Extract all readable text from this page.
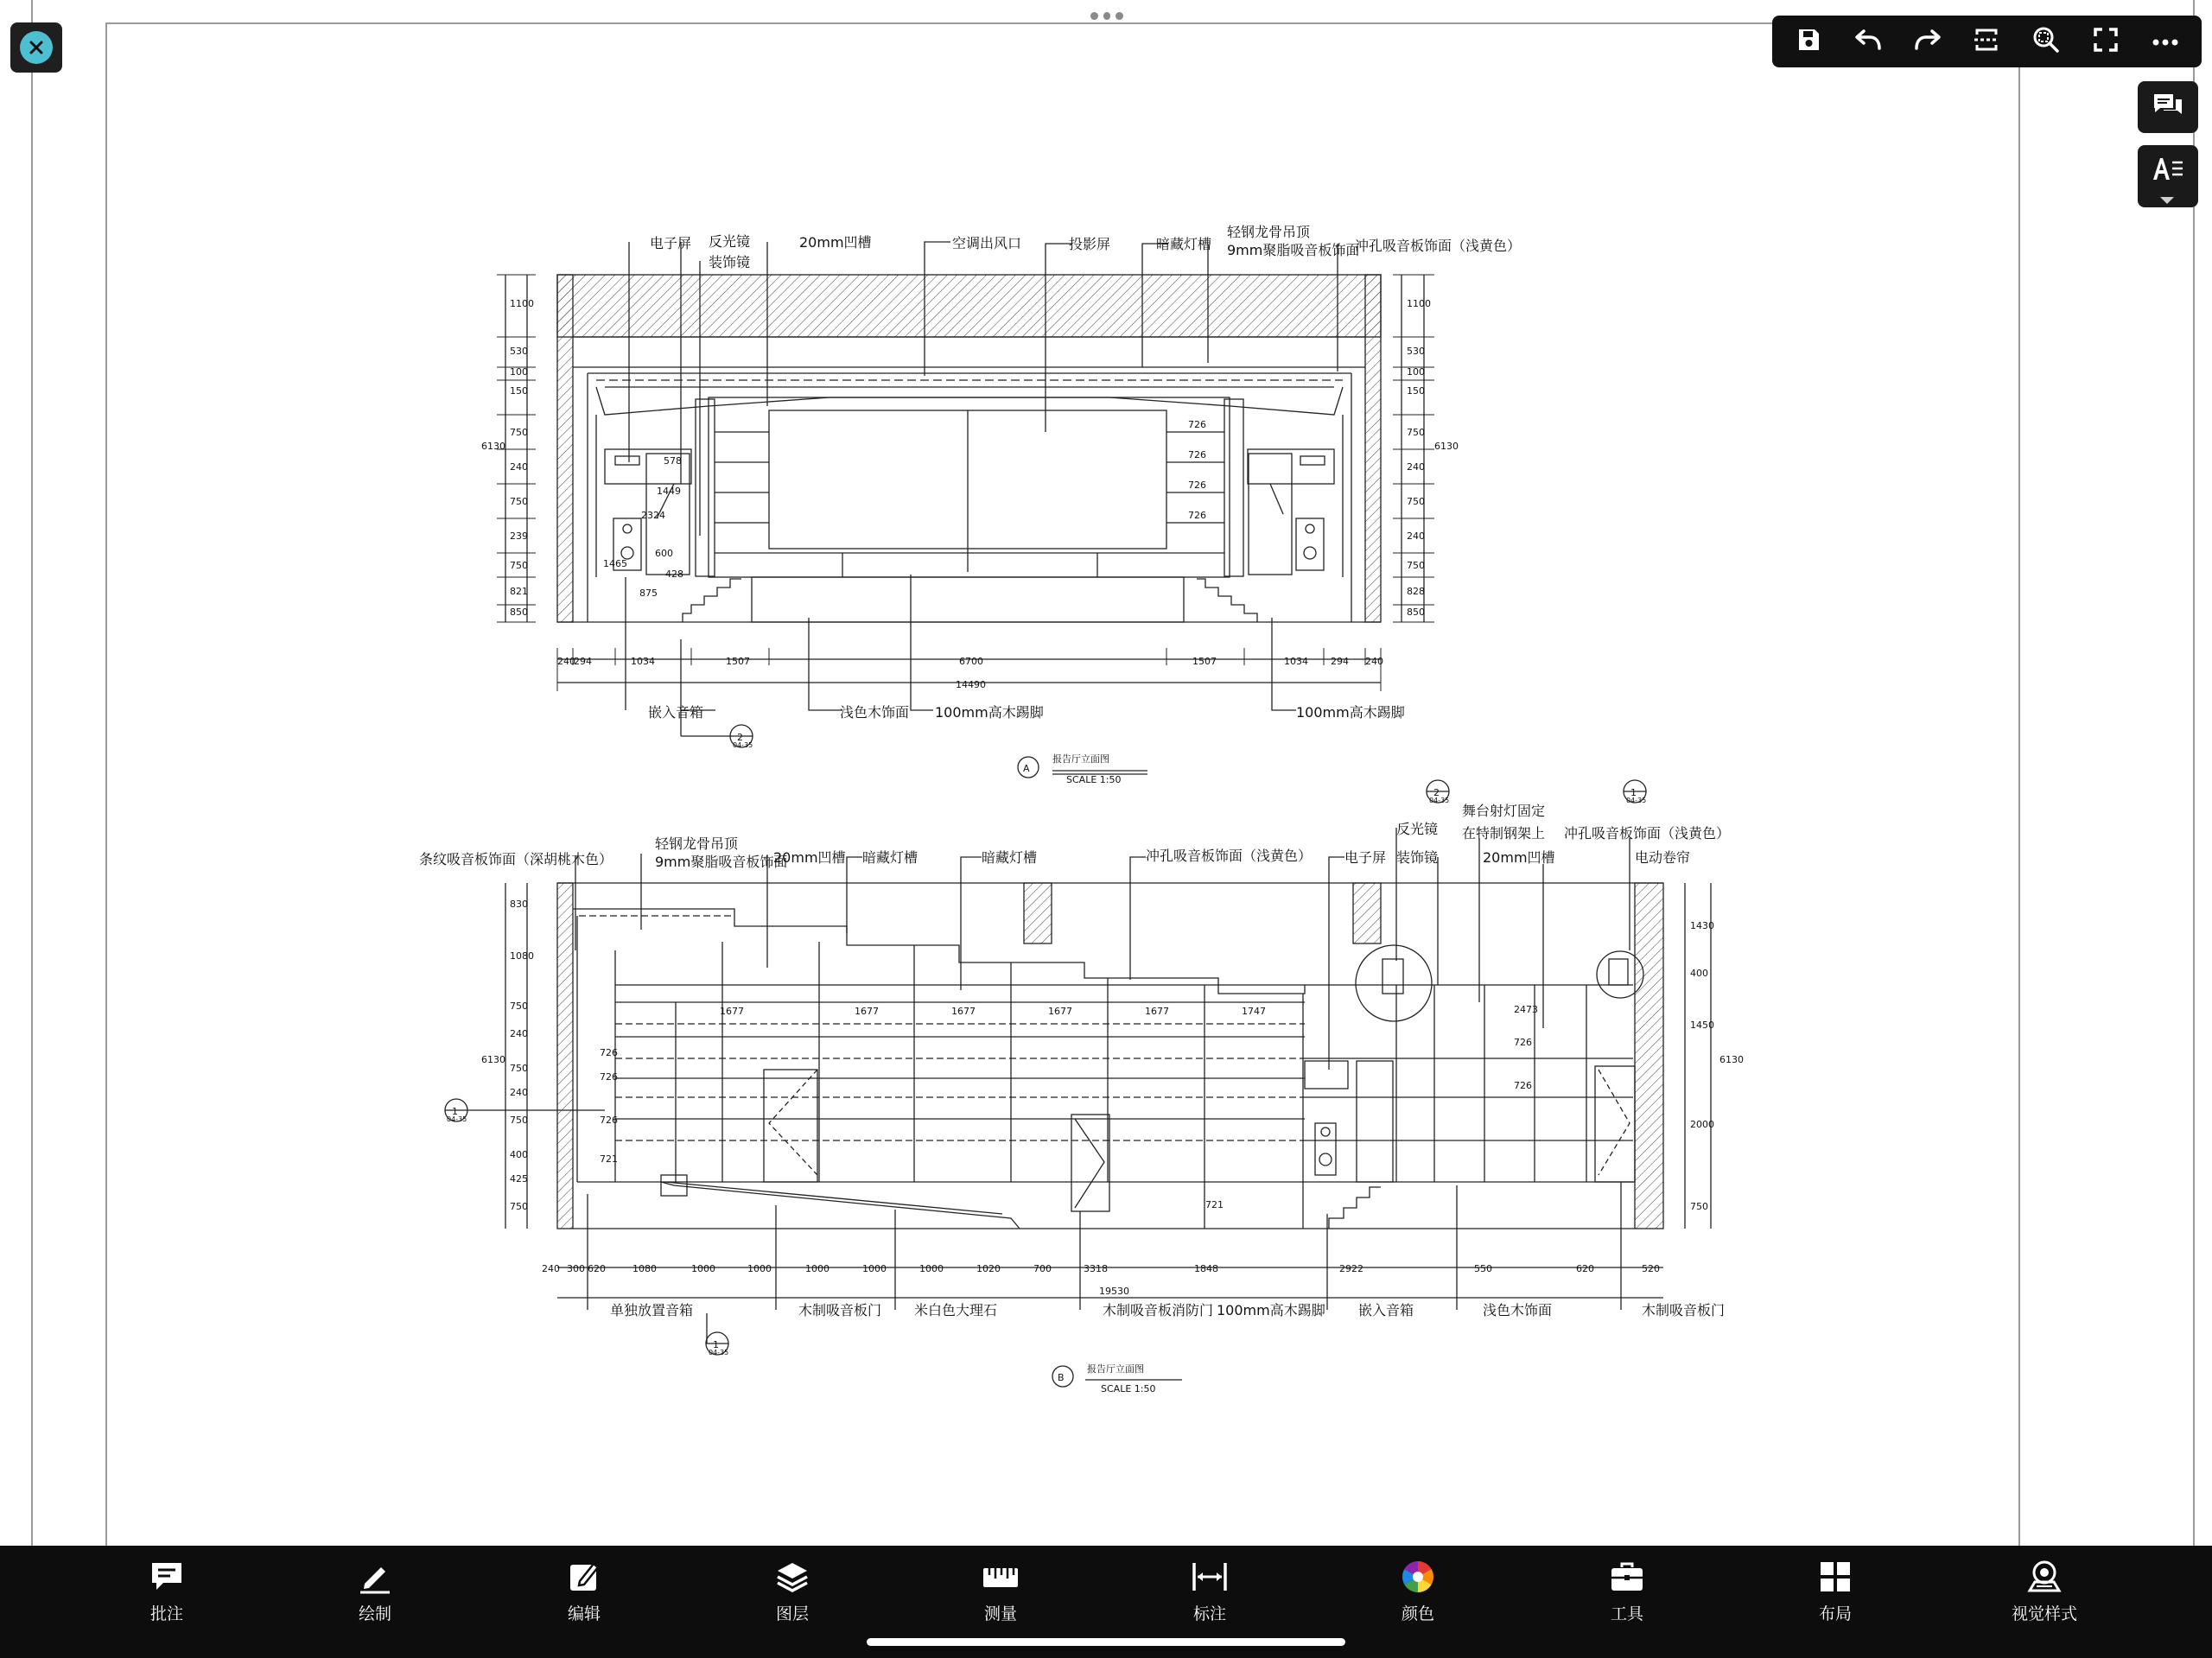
电子屏 反光镜
装饰镜
20mm凹槽	空调出风口	投影屏	暗藏灯槽
轻钢龙骨吊顶
9mm聚脂吸音板饰面
冲孔吸音板饰面（浅黄色）
嵌入音箱	浅色木饰面 100mm高木踢脚	100mm高木踢脚
240
294	1034	1507	6700	1507	1034 294 240
14490
1100
530
100
150
750
240
750
239
750
821
850
6130
1100
530
100
150
750
240
750
240
750
828
850
6130
726
726
726
726
578
1449
2324
1465
600
875
428
2
04-35
A
报告厅立面图
SCALE 1:50
条纹吸音板饰面（深胡桃木色）
轻钢龙骨吊顶
9mm聚脂吸音板饰面
20mm凹槽 暗藏灯槽	暗藏灯槽	冲孔吸音板饰面（浅黄色） 电子屏
反光镜
装饰镜
舞台射灯固定
在特制钢架上
20mm凹槽
冲孔吸音板饰面（浅黄色）
电动卷帘
单独放置音箱	木制吸音板门 米白色大理石	木制吸音板消防门 100mm高木踢脚 嵌入音箱	浅色木饰面	木制吸音板门
240 300 620	1080	1000	1000	1000	1000	1000	1020	700	3318	1848	2922	550	620	520
19530
1677	1677	1677	1677	1677	1747
830
1080
750
240
750
240
750
400
425
750
6130
1430
400
1450
2000
750
6130
726
726
726
721
2473
726
726
721
1
04-35
2
04-35
1
04-35
1
04-35
B
报告厅立面图
SCALE 1:50
批注	绘制	编辑	图层	测量	标注	颜色	工具	布局	视觉样式
